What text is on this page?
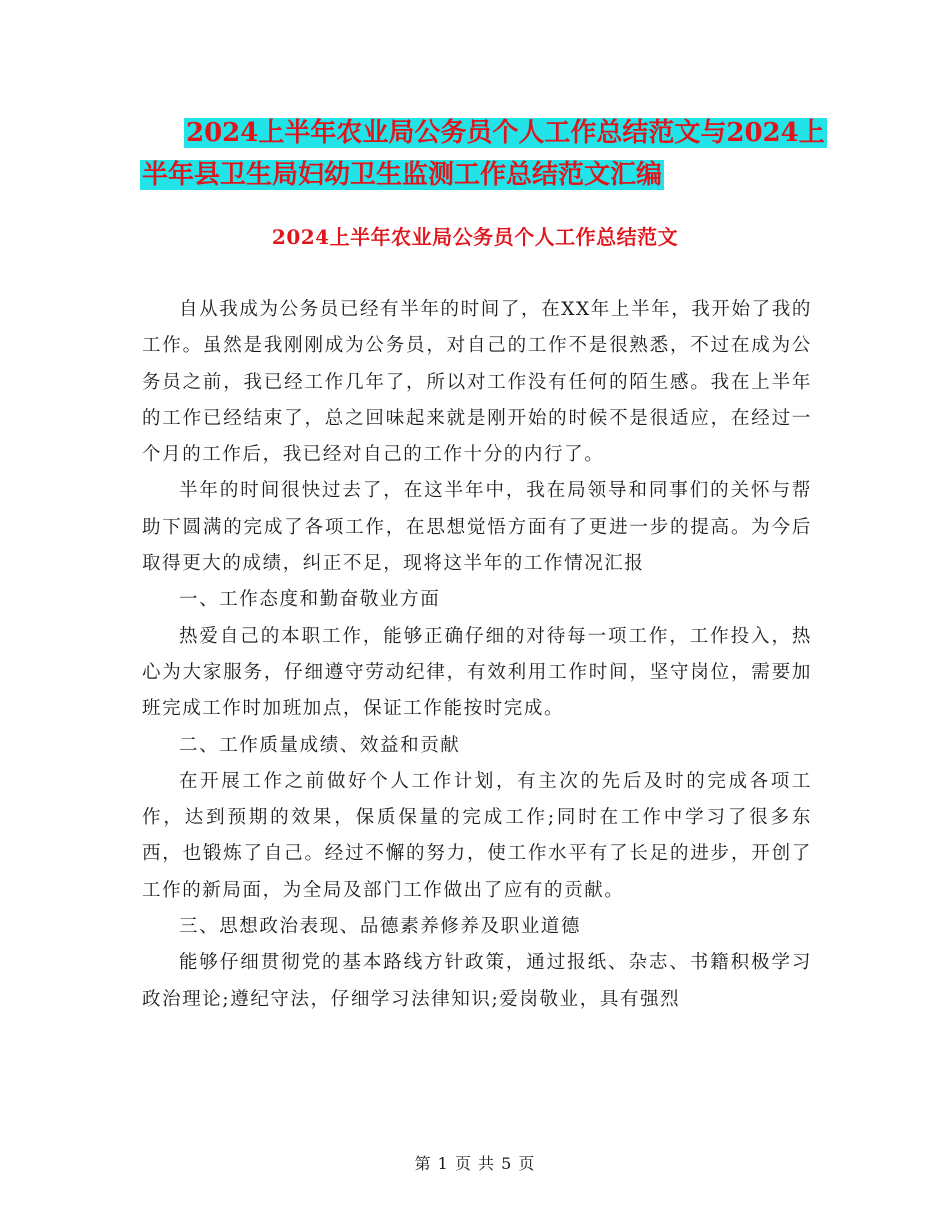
2024上半年农业局公务员个人工作总结范文与2024上
半年县卫生局妇幼卫生监测工作总结范文汇编
2024上半年农业局公务员个人工作总结范文

自从我成为公务员已经有半年的时间了，在XX年上半年，我开始了我的工作。虽然是我刚刚成为公务员，对自己的工作不是很熟悉，不过在成为公务员之前，我已经工作几年了，所以对工作没有任何的陌生感。我在上半年的工作已经结束了，总之回味起来就是刚开始的时候不是很适应，在经过一个月的工作后，我已经对自己的工作十分的内行了。

半年的时间很快过去了，在这半年中，我在局领导和同事们的关怀与帮助下圆满的完成了各项工作，在思想觉悟方面有了更进一步的提高。为今后取得更大的成绩，纠正不足，现将这半年的工作情况汇报

一、工作态度和勤奋敬业方面

热爱自己的本职工作，能够正确仔细的对待每一项工作，工作投入，热心为大家服务，仔细遵守劳动纪律，有效利用工作时间，坚守岗位，需要加班完成工作时加班加点，保证工作能按时完成。

二、工作质量成绩、效益和贡献

在开展工作之前做好个人工作计划，有主次的先后及时的完成各项工作，达到预期的效果，保质保量的完成工作;同时在工作中学习了很多东西，也锻炼了自己。经过不懈的努力，使工作水平有了长足的进步，开创了工作的新局面，为全局及部门工作做出了应有的贡献。

三、思想政治表现、品德素养修养及职业道德

能够仔细贯彻党的基本路线方针政策，通过报纸、杂志、书籍积极学习政治理论;遵纪守法，仔细学习法律知识;爱岗敬业，具有强烈

第 1 页 共 5 页
